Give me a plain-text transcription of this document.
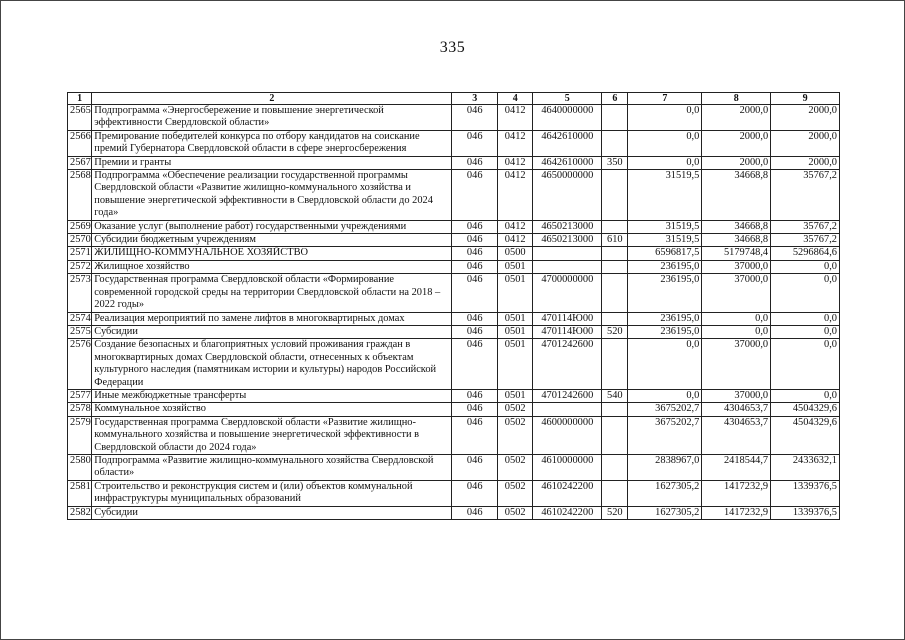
335
1	2	3	4	5	6	7	8	9
2565	Подпрограмма «Энергосбережение и повышение энергетической эффективности Свердловской области»	046	0412	4640000000		0,0	2000,0	2000,0
2566	Премирование победителей конкурса по отбору кандидатов на соискание премий Губернатора Свердловской области в сфере энергосбережения	046	0412	4642610000		0,0	2000,0	2000,0
2567	Премии и гранты	046	0412	4642610000	350	0,0	2000,0	2000,0
2568	Подпрограмма «Обеспечение реализации государственной программы Свердловской области «Развитие жилищно-коммунального хозяйства и повышение энергетической эффективности в Свердловской области до 2024 года»	046	0412	4650000000		31519,5	34668,8	35767,2
2569	Оказание услуг (выполнение работ) государственными учреждениями	046	0412	4650213000		31519,5	34668,8	35767,2
2570	Субсидии бюджетным учреждениям	046	0412	4650213000	610	31519,5	34668,8	35767,2
2571	ЖИЛИЩНО-КОММУНАЛЬНОЕ ХОЗЯЙСТВО	046	0500			6596817,5	5179748,4	5296864,6
2572	Жилищное хозяйство	046	0501			236195,0	37000,0	0,0
2573	Государственная программа Свердловской области «Формирование современной городской среды на территории Свердловской области на 2018 – 2022 годы»	046	0501	4700000000		236195,0	37000,0	0,0
2574	Реализация мероприятий по замене лифтов в многоквартирных домах	046	0501	470114Ю00		236195,0	0,0	0,0
2575	Субсидии	046	0501	470114Ю00	520	236195,0	0,0	0,0
2576	Создание безопасных и благоприятных условий проживания граждан в многоквартирных домах Свердловской области, отнесенных к объектам культурного наследия (памятникам истории и культуры) народов Российской Федерации	046	0501	4701242600		0,0	37000,0	0,0
2577	Иные межбюджетные трансферты	046	0501	4701242600	540	0,0	37000,0	0,0
2578	Коммунальное хозяйство	046	0502			3675202,7	4304653,7	4504329,6
2579	Государственная программа Свердловской области «Развитие жилищно-коммунального хозяйства и повышение энергетической эффективности в Свердловской области до 2024 года»	046	0502	4600000000		3675202,7	4304653,7	4504329,6
2580	Подпрограмма «Развитие жилищно-коммунального хозяйства Свердловской области»	046	0502	4610000000		2838967,0	2418544,7	2433632,1
2581	Строительство и реконструкция систем и (или) объектов коммунальной инфраструктуры муниципальных образований	046	0502	4610242200		1627305,2	1417232,9	1339376,5
2582	Субсидии	046	0502	4610242200	520	1627305,2	1417232,9	1339376,5
